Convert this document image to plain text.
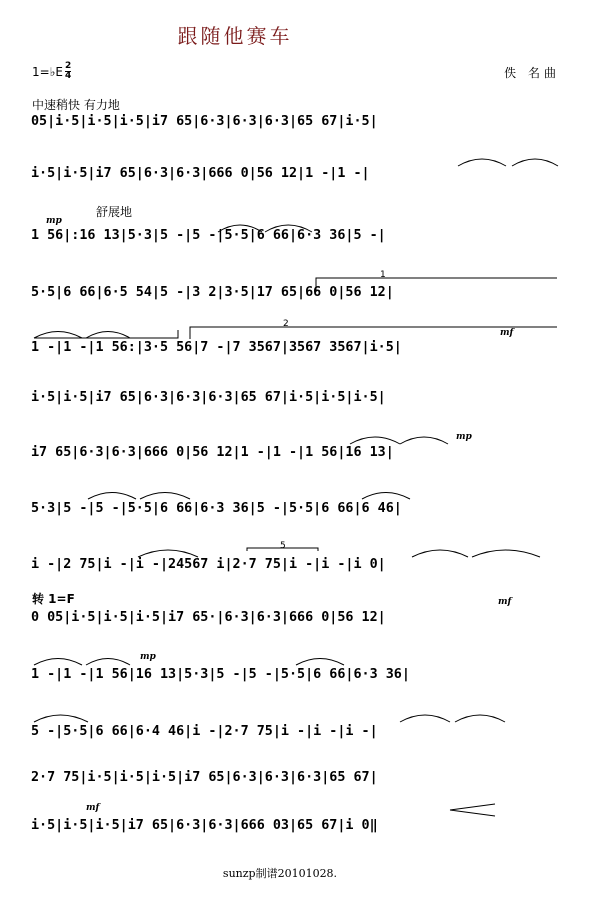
跟随他赛车
1=♭E $\frac{2}{4}$	佚 名曲
中速稍快 有力地
舒展地
转 1=F
mp
mf
mp
mf
mp
mf
1
2
5
05|i·5|i·5|i·5|i7 65|6·3|6·3|6·3|65 67|i·5|
i·5|i·5|i7 65|6·3|6·3|666 0|56 12|1 -|1 -|
1 56|:16 13|5·3|5 -|5 -|5·5|6 66|6·3 36|5 -|
5·5|6 66|6·5 54|5 -|3 2|3·5|17 65|66 0|56 12|
1 -|1 -|1 56:|3·5 56|7 -|7 3567|3567 3567|i·5|
i·5|i·5|i7 65|6·3|6·3|6·3|65 67|i·5|i·5|i·5|
i7 65|6·3|6·3|666 0|56 12|1 -|1 -|1 56|16 13|
5·3|5 -|5 -|5·5|6 66|6·3 36|5 -|5·5|6 66|6 46|
i -|2 75|i -|i -|24567 i|2·7 75|i -|i -|i 0|
0 05|i·5|i·5|i·5|i7 65·|6·3|6·3|666 0|56 12|
1 -|1 -|1 56|16 13|5·3|5 -|5 -|5·5|6 66|6·3 36|
5 -|5·5|6 66|6·4 46|i -|2·7 75|i -|i -|i -|
2·7 75|i·5|i·5|i·5|i7 65|6·3|6·3|6·3|65 67|
i·5|i·5|i·5|i7 65|6·3|6·3|666 03|65 67|i 0‖
sunzp制谱20101028.
